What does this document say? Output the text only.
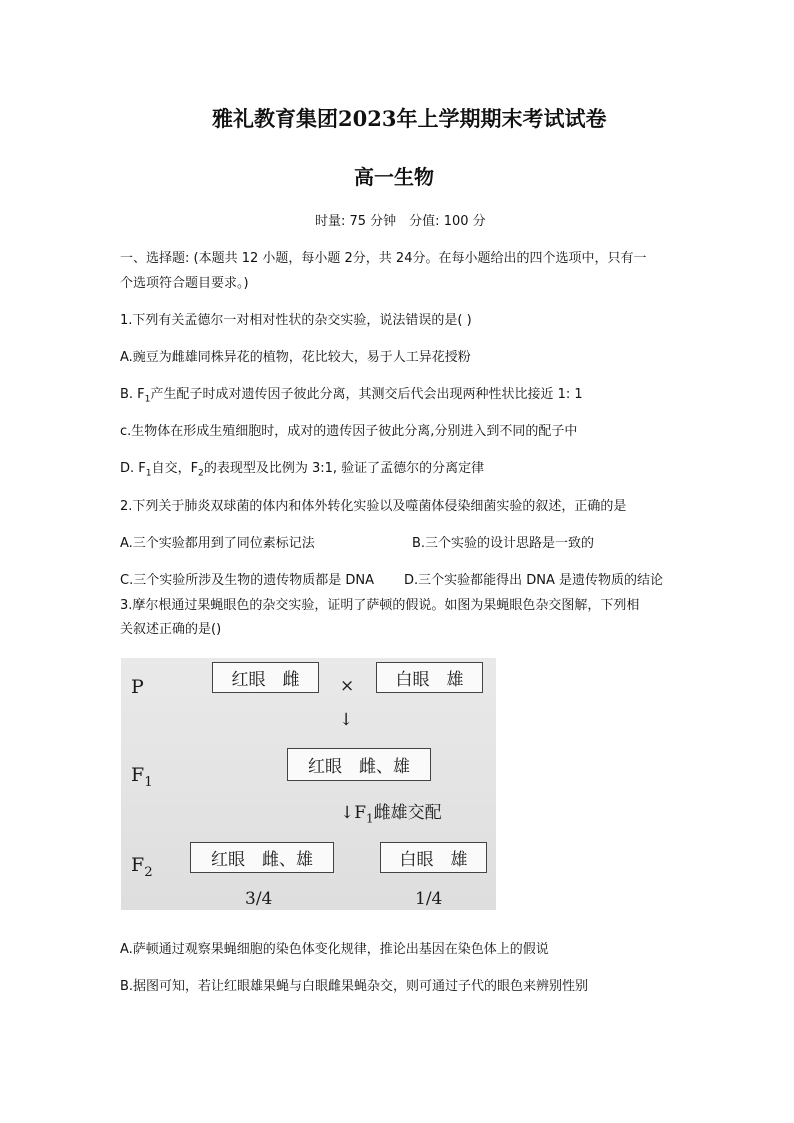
雅礼教育集团2023年上学期期末考试试卷
高一生物
时量: 75 分钟　分值: 100 分
一、选择题: (本题共 12 小题，每小题 2分，共 24分。在每小题给出的四个选项中，只有一
个选项符合题目要求。)
1.下列有关孟德尔一对相对性状的杂交实验，说法错误的是( )
A.豌豆为雌雄同株异花的植物，花比较大，易于人工异花授粉
B. $F_1$产生配子时成对遗传因子彼此分离，其测交后代会出现两种性状比接近 1: 1
c.生物体在形成生殖细胞时，成对的遗传因子彼此分离,分别进入到不同的配子中
D. $F_1$自交，$F_2$的表现型及比例为 3:1, 验证了孟德尔的分离定律
2.下列关于肺炎双球菌的体内和体外转化实验以及噬菌体侵染细菌实验的叙述，正确的是
A.三个实验都用到了同位素标记法	B.三个实验的设计思路是一致的
C.三个实验所涉及生物的遗传物质都是 DNA D.三个实验都能得出 DNA 是遗传物质的结论
3.摩尔根通过果蝇眼色的杂交实验，证明了萨顿的假说。如图为果蝇眼色杂交图解，下列相
关叙述正确的是()
P
$F_1$
$F_2$
红眼　雌	×	白眼　雄
↓
红眼　雌、雄
$↓F_1$雌雄交配
红眼　雌、雄	白眼　雄
3/4	1/4
A.萨顿通过观察果蝇细胞的染色体变化规律，推论出基因在染色体上的假说
B.据图可知，若让红眼雄果蝇与白眼雌果蝇杂交，则可通过子代的眼色来辨别性别
